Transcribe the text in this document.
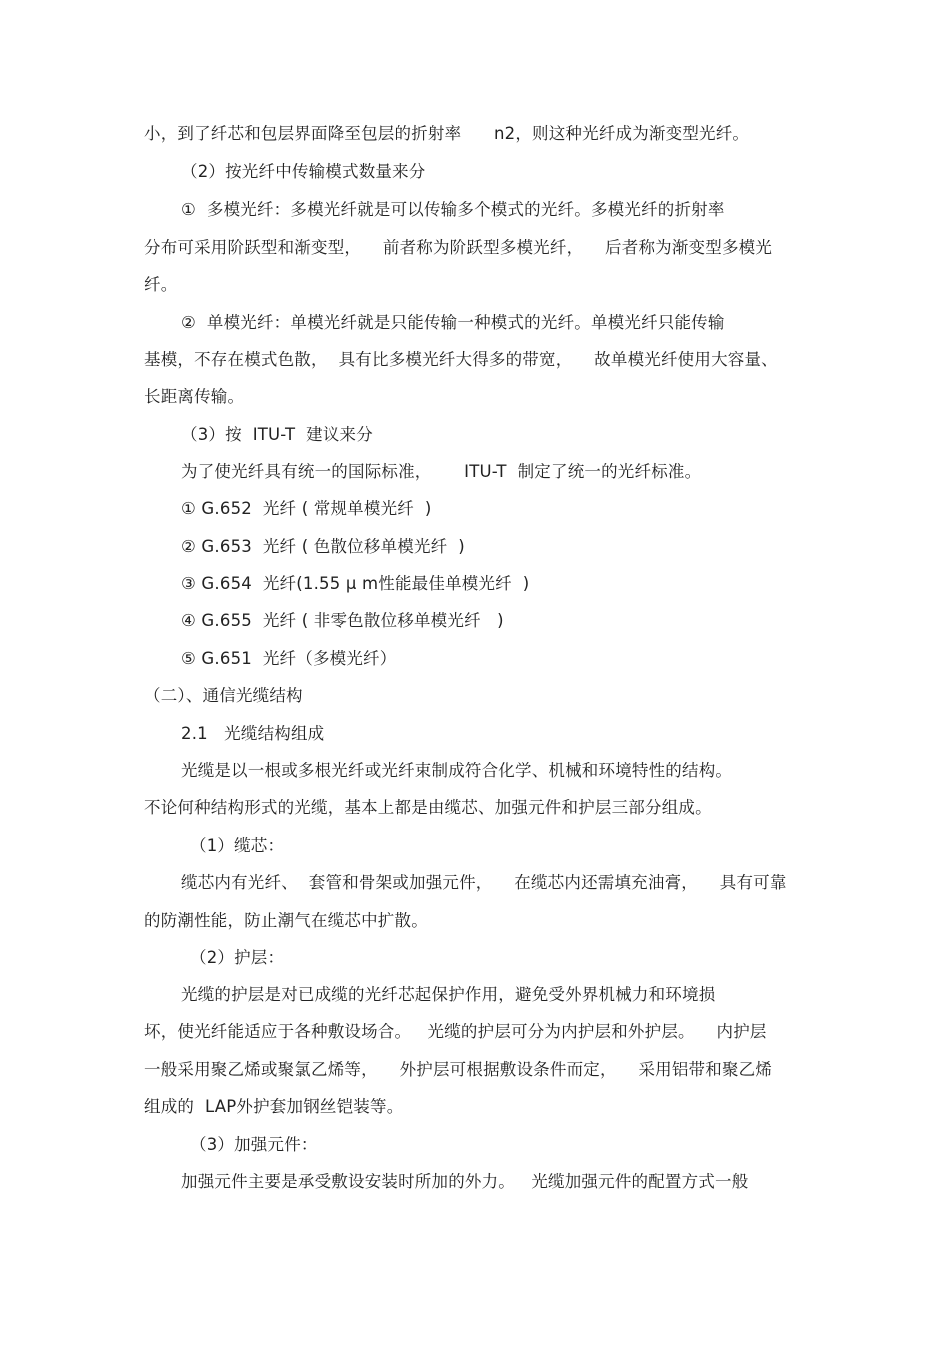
小，到了纤芯和包层界面降至包层的折射率      n2，则这种光纤成为渐变型光纤。
（2）按光纤中传输模式数量来分
①  多模光纤：多模光纤就是可以传输多个模式的光纤。多模光纤的折射率
分布可采用阶跃型和渐变型，    前者称为阶跃型多模光纤，    后者称为渐变型多模光
纤。
②  单模光纤：单模光纤就是只能传输一种模式的光纤。单模光纤只能传输
基模，不存在模式色散，  具有比多模光纤大得多的带宽，    故单模光纤使用大容量、
长距离传输。
（3）按  ITU-T  建议来分
为了使光纤具有统一的国际标准，      ITU-T  制定了统一的光纤标准。
① G.652  光纤 ( 常规单模光纤  )
② G.653  光纤 ( 色散位移单模光纤  )
③ G.654  光纤(1.55 μ m性能最佳单模光纤  )
④ G.655  光纤 ( 非零色散位移单模光纤   )
⑤ G.651  光纤（多模光纤）
（二）、通信光缆结构
2.1   光缆结构组成
光缆是以一根或多根光纤或光纤束制成符合化学、机械和环境特性的结构。
不论何种结构形式的光缆，基本上都是由缆芯、加强元件和护层三部分组成。
（1）缆芯：
缆芯内有光纤、  套管和骨架或加强元件，    在缆芯内还需填充油膏，    具有可靠
的防潮性能，防止潮气在缆芯中扩散。
（2）护层：
光缆的护层是对已成缆的光纤芯起保护作用，避免受外界机械力和环境损
坏，使光纤能适应于各种敷设场合。   光缆的护层可分为内护层和外护层。    内护层
一般采用聚乙烯或聚氯乙烯等，    外护层可根据敷设条件而定，    采用铝带和聚乙烯
组成的  LAP外护套加钢丝铠装等。
（3）加强元件：
加强元件主要是承受敷设安装时所加的外力。   光缆加强元件的配置方式一般
